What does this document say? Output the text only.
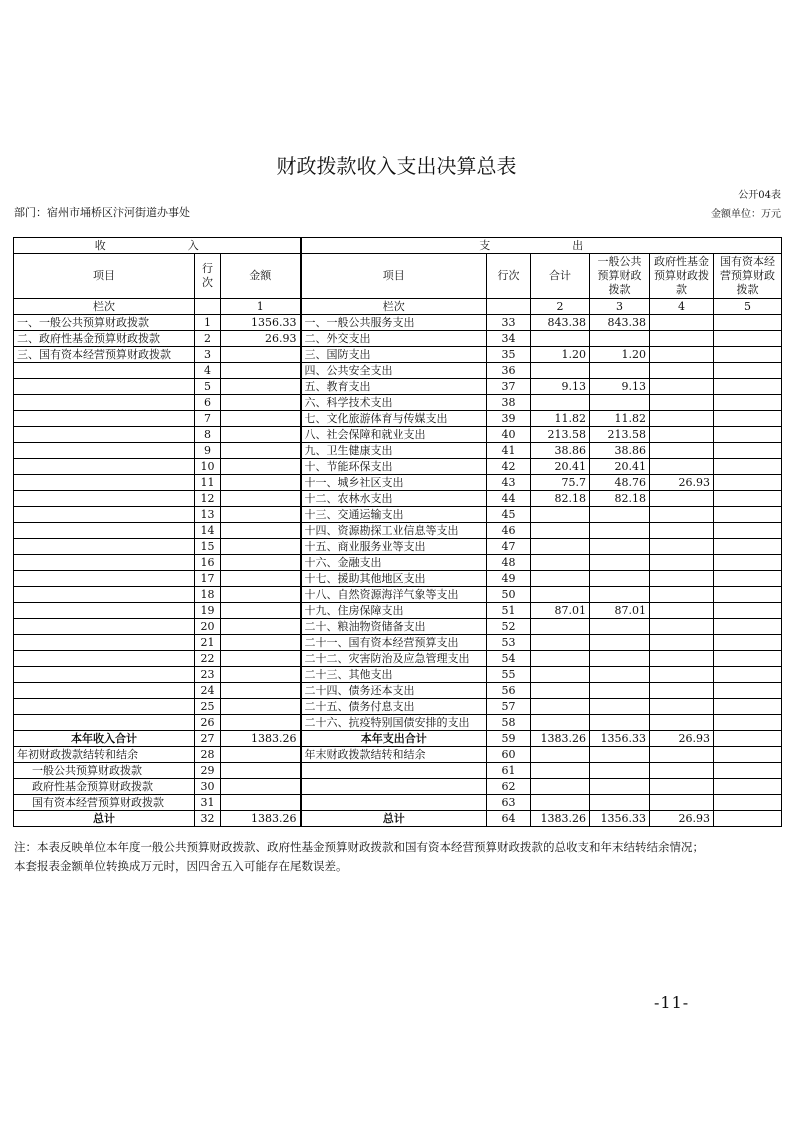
财政拨款收入支出决算总表
公开04表
部门：宿州市埇桥区汴河街道办事处	金额单位：万元
收　　入			支　　出					
项目	行次	金额	项目	行次	合计	一般公共预算财政拨款	政府性基金预算财政拨款	国有资本经营预算财政拨款
栏次		1	栏次		2	3	4	5
一、一般公共预算财政拨款	1	1356.33	一、一般公共服务支出	33	843.38	843.38		
二、政府性基金预算财政拨款	2	26.93	二、外交支出	34				
三、国有资本经营预算财政拨款	3		三、国防支出	35	1.20	1.20		
	4		四、公共安全支出	36				
	5		五、教育支出	37	9.13	9.13		
	6		六、科学技术支出	38				
	7		七、文化旅游体育与传媒支出	39	11.82	11.82		
	8		八、社会保障和就业支出	40	213.58	213.58		
	9		九、卫生健康支出	41	38.86	38.86		
	10		十、节能环保支出	42	20.41	20.41		
	11		十一、城乡社区支出	43	75.7	48.76	26.93	
	12		十二、农林水支出	44	82.18	82.18		
	13		十三、交通运输支出	45				
	14		十四、资源勘探工业信息等支出	46				
	15		十五、商业服务业等支出	47				
	16		十六、金融支出	48				
	17		十七、援助其他地区支出	49				
	18		十八、自然资源海洋气象等支出	50				
	19		十九、住房保障支出	51	87.01	87.01		
	20		二十、粮油物资储备支出	52				
	21		二十一、国有资本经营预算支出	53				
	22		二十二、灾害防治及应急管理支出	54				
	23		二十三、其他支出	55				
	24		二十四、债务还本支出	56				
	25		二十五、债务付息支出	57				
	26		二十六、抗疫特别国债安排的支出	58				
本年收入合计	27	1383.26	本年支出合计	59	1383.26	1356.33	26.93	
年初财政拨款结转和结余	28		年末财政拨款结转和结余	60				
一般公共预算财政拨款	29			61				
政府性基金预算财政拨款	30			62				
国有资本经营预算财政拨款	31			63				
总计	32	1383.26	总计	64	1383.26	1356.33	26.93	
注：本表反映单位本年度一般公共预算财政拨款、政府性基金预算财政拨款和国有资本经营预算财政拨款的总收支和年末结转结余情况；
本套报表金额单位转换成万元时，因四舍五入可能存在尾数误差。
-11-
